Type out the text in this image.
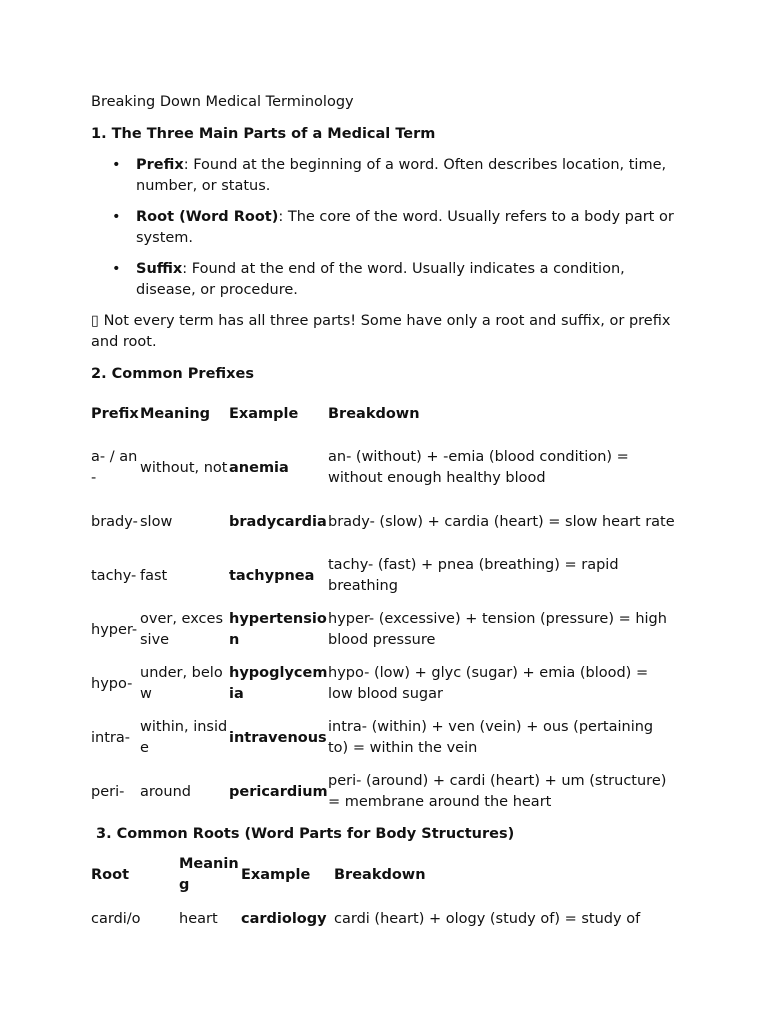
Breaking Down Medical Terminology

1. The Three Main Parts of a Medical Term

• Prefix: Found at the beginning of a word. Often describes location, time, number, or status.
• Root (Word Root): The core of the word. Usually refers to a body part or system.
• Suffix: Found at the end of the word. Usually indicates a condition, disease, or procedure.

▯ Not every term has all three parts! Some have only a root and suffix, or prefix and root.

2. Common Prefixes

Prefix	Meaning	Example	Breakdown
a- / an-	without, not	anemia	an- (without) + -emia (blood condition) = without enough healthy blood
brady-	slow	bradycardia	brady- (slow) + cardia (heart) = slow heart rate
tachy-	fast	tachypnea	tachy- (fast) + pnea (breathing) = rapid breathing
hyper-	over, excessive	hypertension	hyper- (excessive) + tension (pressure) = high blood pressure
hypo-	under, below	hypoglycemia	hypo- (low) + glyc (sugar) + emia (blood) = low blood sugar
intra-	within, inside	intravenous	intra- (within) + ven (vein) + ous (pertaining to) = within the vein
peri-	around	pericardium	peri- (around) + cardi (heart) + um (structure) = membrane around the heart

3. Common Roots (Word Parts for Body Structures)

Root	Meaning	Example	Breakdown
cardi/o	heart	cardiology	cardi (heart) + ology (study of) = study of
